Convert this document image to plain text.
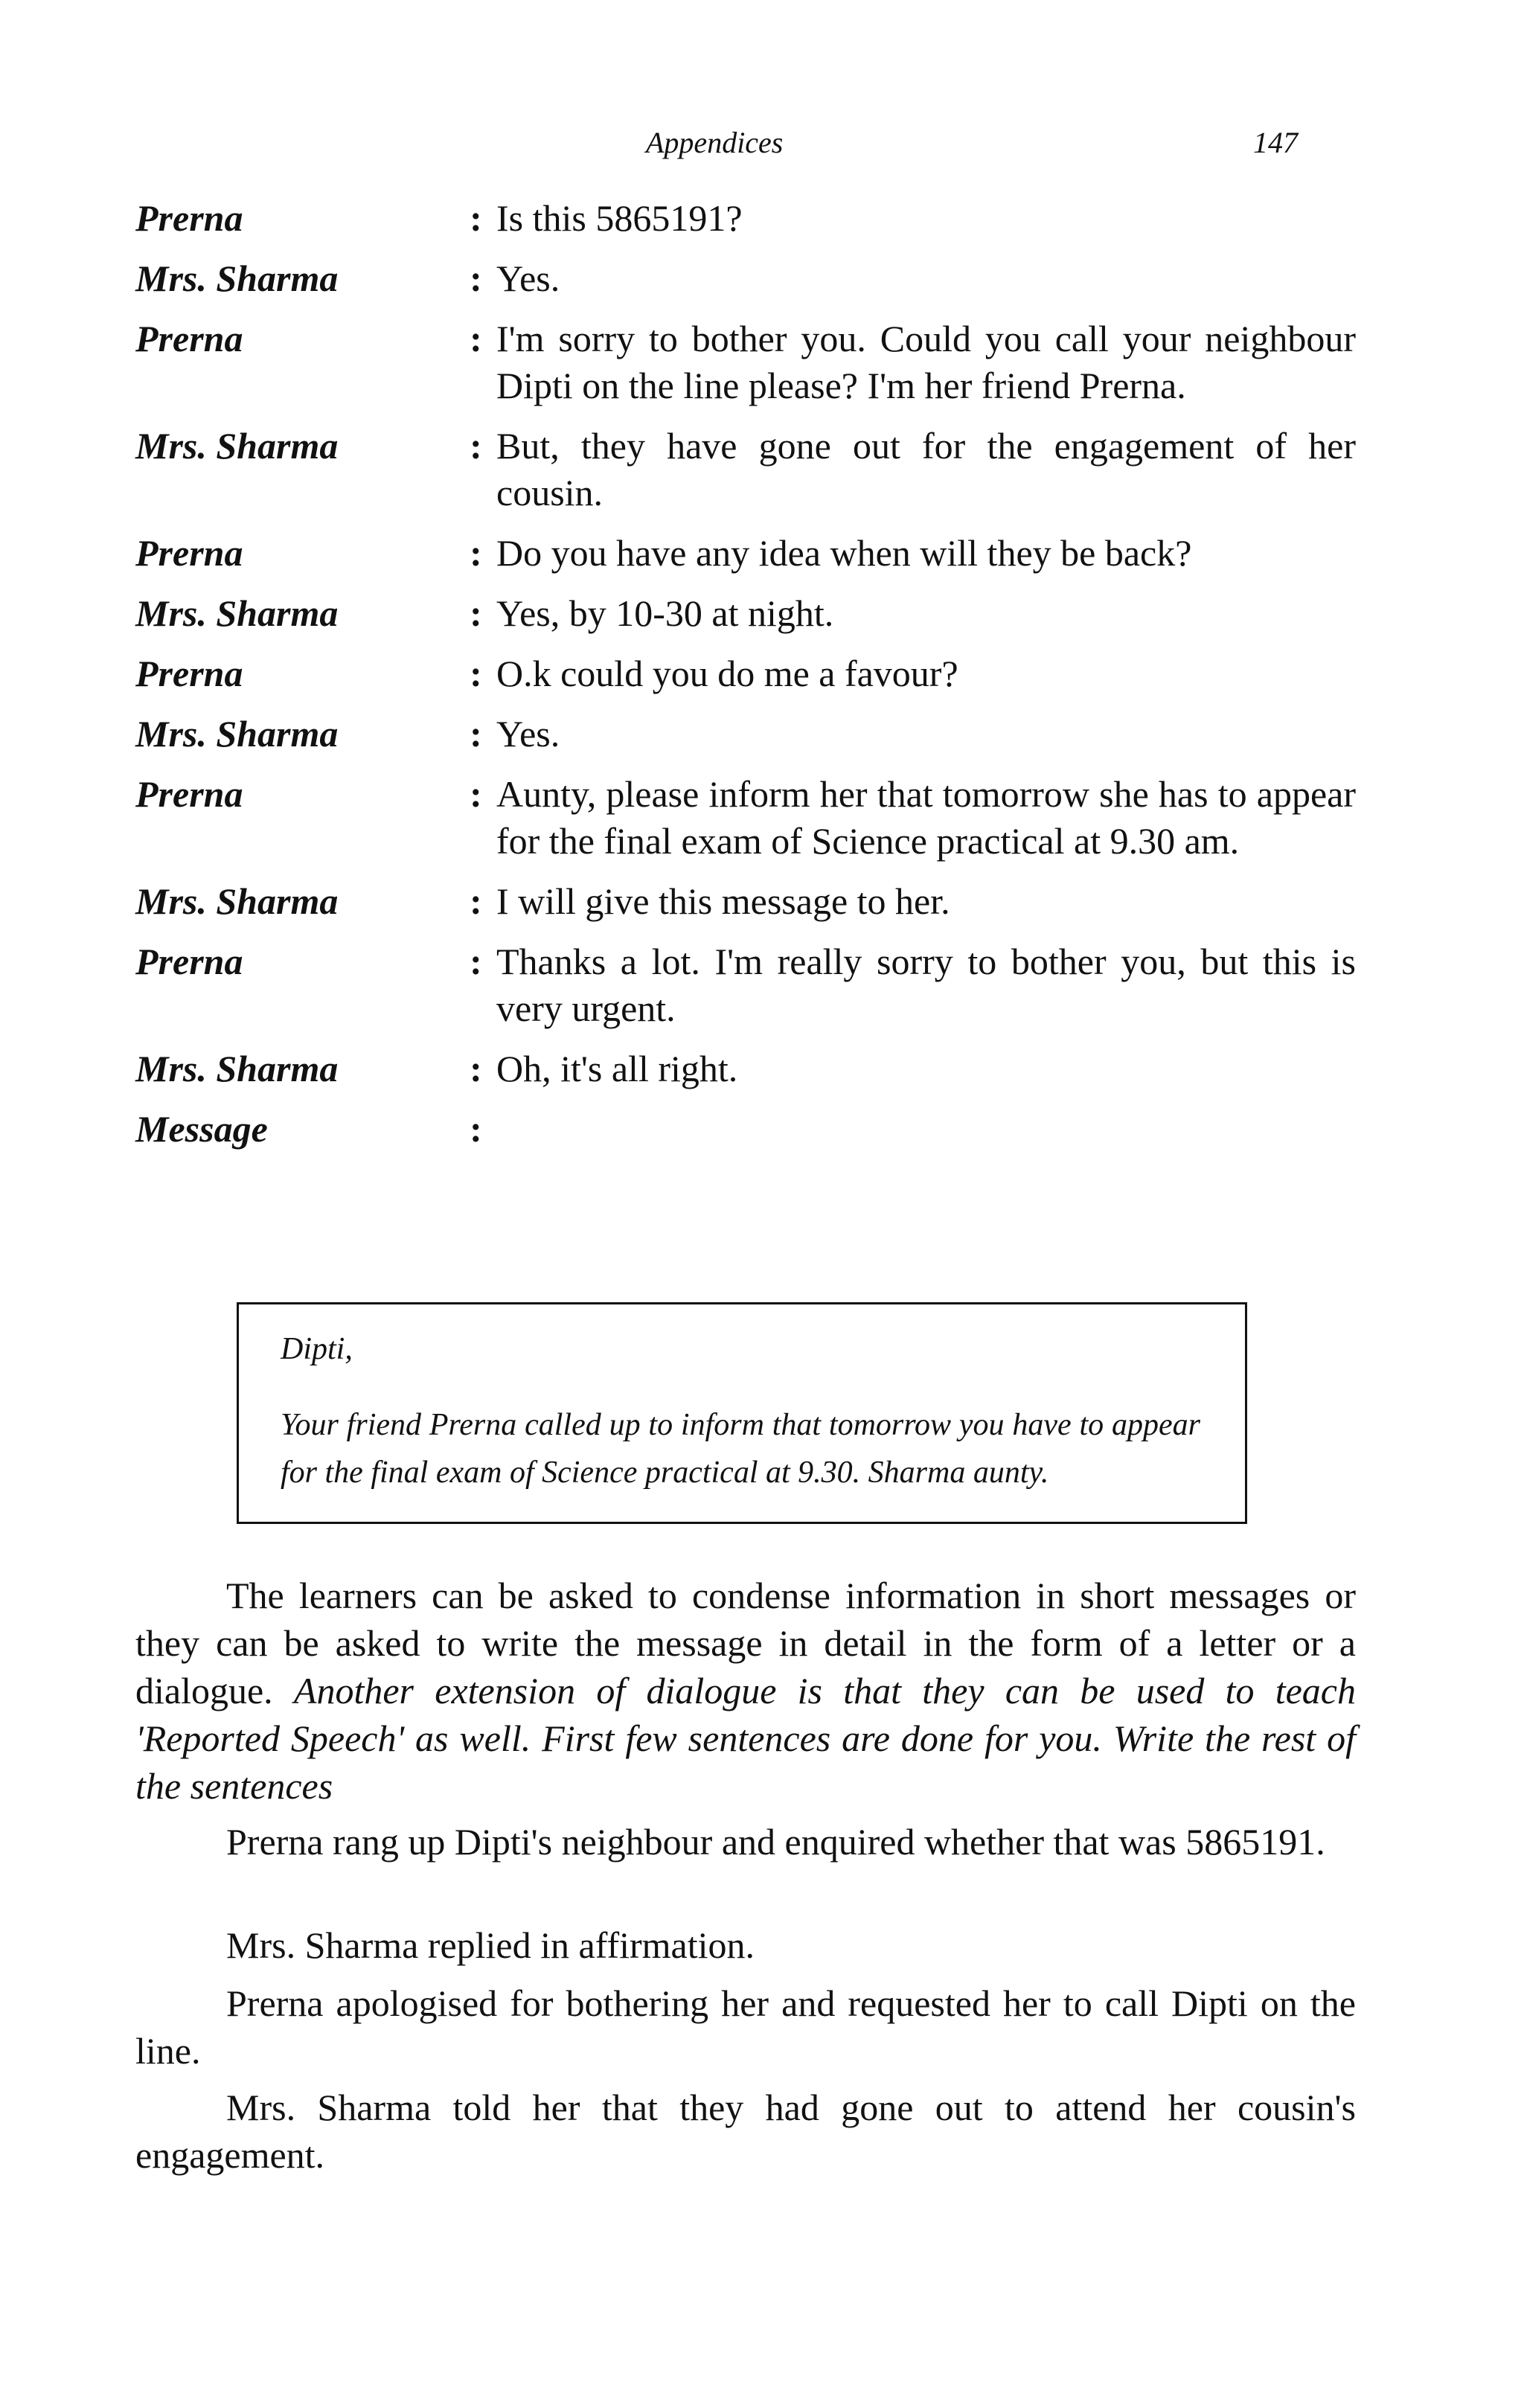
Appendices	147
Prerna	: Is this 5865191?
Mrs. Sharma	: Yes.
Prerna	: I'm sorry to bother you. Could you call your neighbour Dipti on the line please? I'm her friend Prerna.
Mrs. Sharma	: But, they have gone out for the engagement of her cousin.
Prerna	: Do you have any idea when will they be back?
Mrs. Sharma	: Yes, by 10-30 at night.
Prerna	: O.k could you do me a favour?
Mrs. Sharma	: Yes.
Prerna	: Aunty, please inform her that tomorrow she has to appear for the final exam of Science practical at 9.30 am.
Mrs. Sharma	: I will give this message to her.
Prerna	: Thanks a lot. I'm really sorry to bother you, but this is very urgent.
Mrs. Sharma	: Oh, it's all right.
Message	:
Dipti,
Your friend Prerna called up to inform that tomorrow you have to appear for the final exam of Science practical at 9.30. Sharma aunty.
The learners can be asked to condense information in short messages or they can be asked to write the message in detail in the form of a letter or a dialogue. Another extension of dialogue is that they can be used to teach 'Reported Speech' as well. First few sentences are done for you. Write the rest of the sentences
Prerna rang up Dipti's neighbour and enquired whether that was 5865191.
Mrs. Sharma replied in affirmation.
Prerna apologised for bothering her and requested her to call Dipti on the line.
Mrs. Sharma told her that they had gone out to attend her cousin's engagement.
